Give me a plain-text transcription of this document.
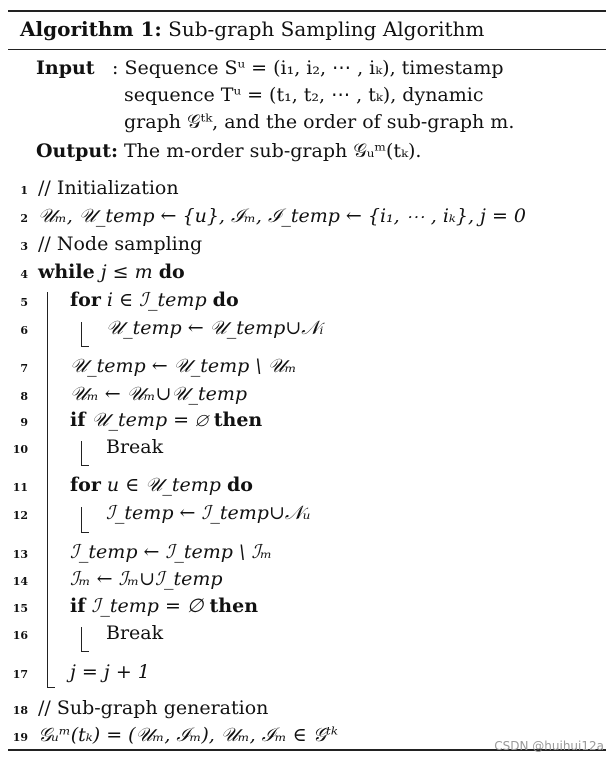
Algorithm 1: Sub-graph Sampling Algorithm
Input : Sequence Sᵘ = (i₁, i₂, ⋯ , iₖ), timestamp
sequence Tᵘ = (t₁, t₂, ⋯ , tₖ), dynamic
graph 𝒢ᵗᵏ, and the order of sub-graph m.
Output: The m-order sub-graph 𝒢ᵤᵐ(tₖ).
1
2
3
4
5
6
7
8
9
10
11
12
13
14
15
16
17
18
19
// Initialization
𝒰ₘ, 𝒰_temp ← {u}, ℐₘ, ℐ_temp ← {i₁, ⋯ , iₖ}, j = 0
// Node sampling
while j ≤ m do
for i ∈ ℐ_temp do
𝒰_temp ← 𝒰_temp∪𝒩ᵢ
𝒰_temp ← 𝒰_temp \ 𝒰ₘ
𝒰ₘ ← 𝒰ₘ∪𝒰_temp
if 𝒰_temp = ∅ then
Break
for u ∈ 𝒰_temp do
ℐ_temp ← ℐ_temp∪𝒩ᵤ
ℐ_temp ← ℐ_temp \ ℐₘ
ℐₘ ← ℐₘ∪ℐ_temp
if ℐ_temp = ∅ then
Break
j = j + 1
// Sub-graph generation
𝒢ᵤᵐ(tₖ) = (𝒰ₘ, ℐₘ), 𝒰ₘ, ℐₘ ∈ 𝒢ᵗᵏ	CSDN @huihui12a
